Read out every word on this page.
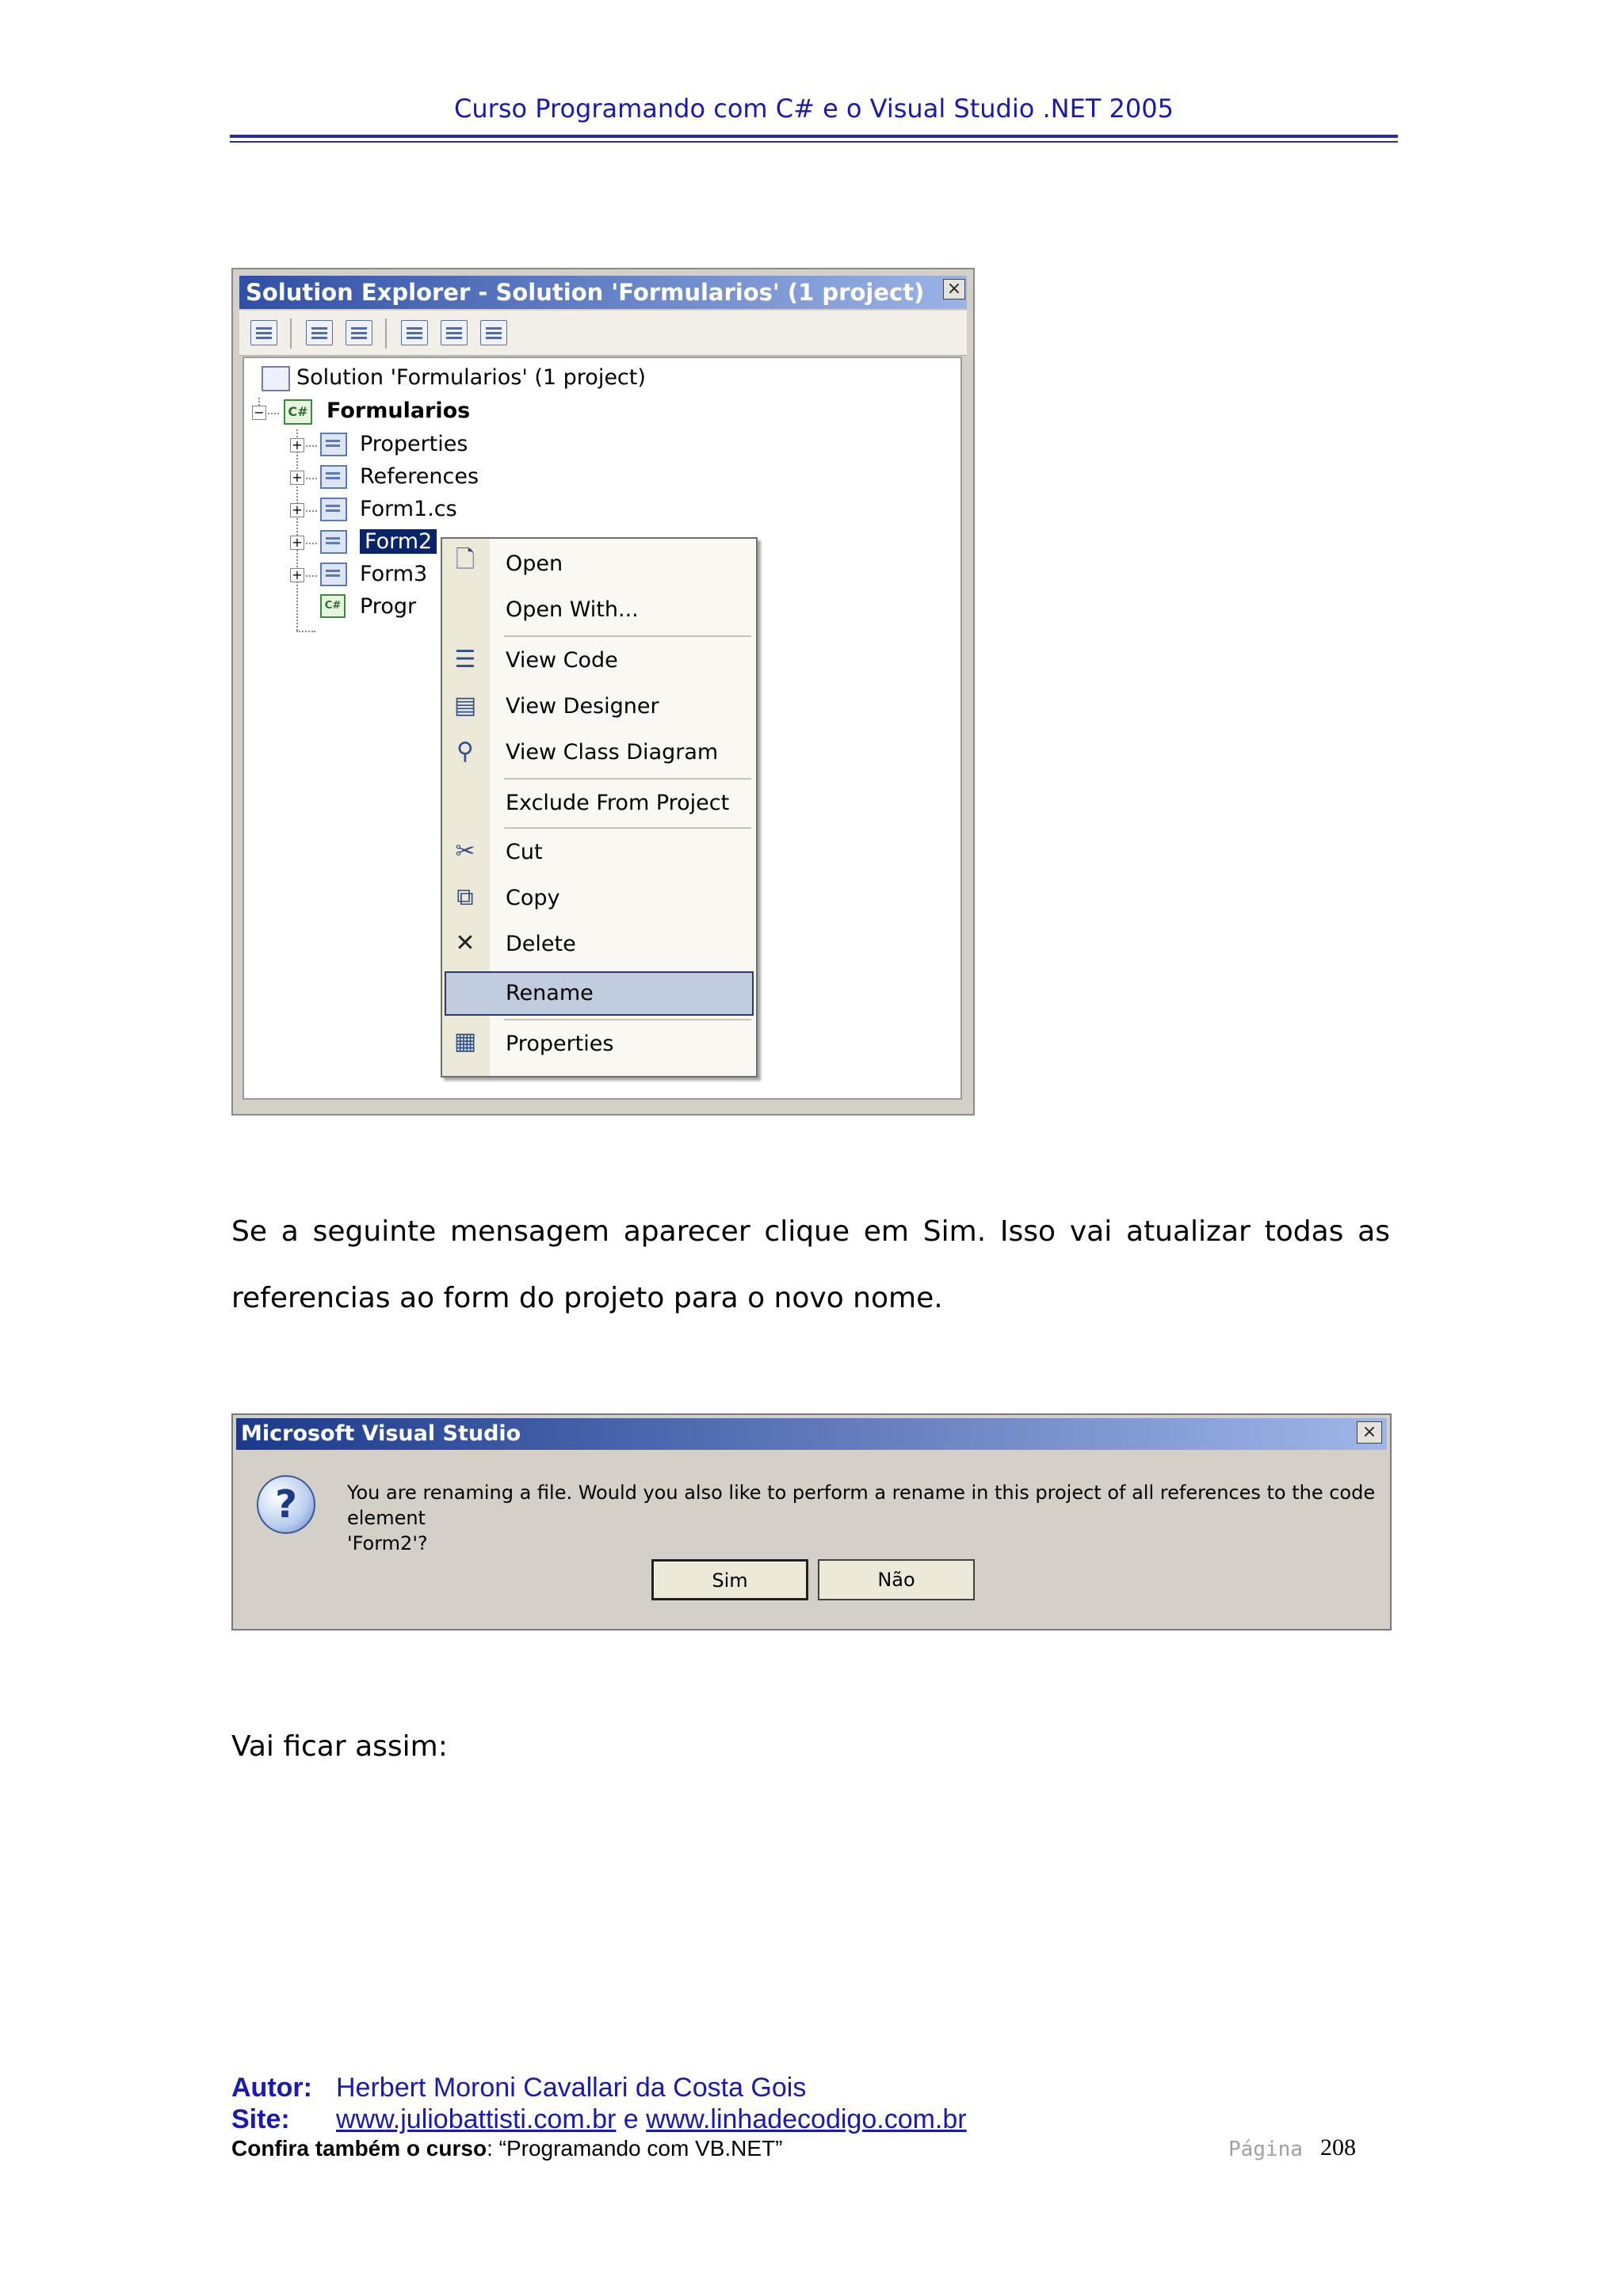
Curso Programando com C# e o Visual Studio .NET 2005
Solution Explorer - Solution 'Formularios' (1 project)	×
Solution 'Formularios' (1 project)
−	C# Formularios
+	Properties
+	References
+	Form1.cs
+	Form2
+	Form3
C# Progr
🗋	Open
Open With...
☰	View Code
▤	View Designer
⚲	View Class Diagram
Exclude From Project
✂	Cut
⧉	Copy
✕	Delete
Rename
▦	Properties
Se a seguinte mensagem aparecer clique em Sim. Isso vai atualizar todas as
referencias ao form do projeto para o novo nome.
Microsoft Visual Studio	×
?	You are renaming a file. Would you also like to perform a rename in this project of all references to the code element
'Form2'?
Sim	Não
Vai ficar assim:
Autor: Herbert Moroni Cavallari da Costa Gois
Site: www.juliobattisti.com.br e www.linhadecodigo.com.br
Confira também o curso: “Programando com VB.NET”	Página 208
